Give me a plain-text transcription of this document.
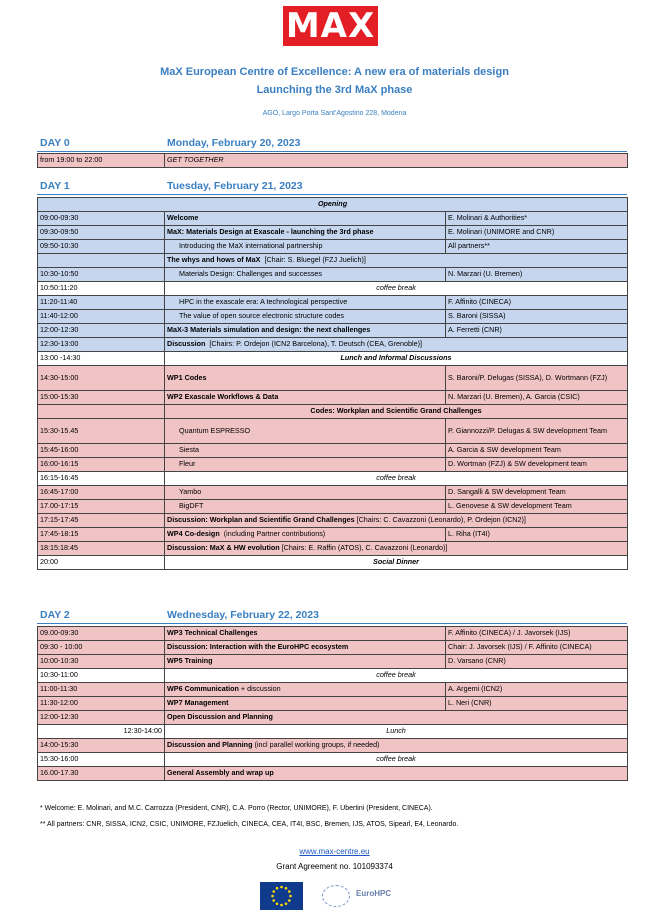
MAX
MaX European Centre of Excellence: A new era of materials design
Launching the 3rd MaX phase
AGO, Largo Porta Sant'Agostino 228, Modena
DAY 0	Monday, February 20, 2023
from 19:00 to 22:00	GET TOGETHER
DAY 1	Tuesday, February 21, 2023
Opening		
09:00-09:30	Welcome	E. Molinari & Authorities*
09:30-09:50	MaX: Materials Design at Exascale - launching the 3rd phase	E. Molinari (UNIMORE and CNR)
09:50-10:30	Introducing the MaX international partnership	All partners**
	The whys and hows of MaX [Chair: S. Bluegel (FZJ Juelich)]	
10:30-10:50	Materials Design: Challenges and successes	N. Marzari (U. Bremen)
10:50:11:20	coffee break	
11:20-11:40	HPC in the exascale era: A technological perspective	F. Affinito (CINECA)
11:40-12:00	The value of open source electronic structure codes	S. Baroni (SISSA)
12:00-12:30	MaX-3 Materials simulation and design: the next challenges	A. Ferretti (CNR)
12:30-13:00	Discussion [Chairs: P. Ordejon (ICN2 Barcelona), T. Deutsch (CEA, Grenoble)]	
13:00 -14:30	Lunch and Informal Discussions	
14:30-15:00	WP1 Codes	S. Baroni/P. Delugas (SISSA), D. Wortmann (FZJ)
15:00-15:30	WP2 Exascale Workflows & Data	N. Marzari (U. Bremen), A. Garcia (CSIC)
	Codes: Workplan and Scientific Grand Challenges	
15:30-15.45	Quantum ESPRESSO	P. Giannozzi/P. Delugas & SW development Team
15:45-16:00	Siesta	A. Garcia & SW development Team
16:00-16:15	Fleur	D. Wortman (FZJ) & SW development team
16:15-16:45	coffee break	
16:45-17:00	Yambo	D. Sangalli & SW development Team
17.00-17:15	BigDFT	L. Genovese & SW development Team
17:15-17:45	Discussion: Workplan and Scientific Grand Challenges [Chairs: C. Cavazzoni (Leonardo), P. Ordejon (ICN2)]	
17:45-18:15	WP4 Co-design (including Partner contributions)	L. Riha (IT4I)
18:15:18:45	Discussion: MaX & HW evolution [Chairs: E. Raffin (ATOS), C. Cavazzoni (Leonardo)]	
20:00	Social Dinner	
DAY 2	Wednesday, February 22, 2023
09.00-09:30	WP3 Technical Challenges	F. Affinito (CINECA) / J. Javorsek (IJS)
09:30 - 10:00	Discussion: Interaction with the EuroHPC ecosystem	Chair: J. Javorsek (IJS) / F. Affinito (CINECA)
10:00-10:30	WP5 Training	D. Varsano (CNR)
10:30-11:00	coffee break	
11:00-11:30	WP6 Communication + discussion	A. Argemi (ICN2)
11:30-12:00	WP7 Management	L. Neri (CNR)
12:00-12:30	Open Discussion and Planning	
12:30-14:00	Lunch	
14:00-15:30	Discussion and Planning (incl parallel working groups, if needed)	
15:30-16:00	coffee break	
16.00-17.30	General Assembly and wrap up	
* Welcome: E. Molinari, and M.C. Carrozza (President, CNR), C.A. Porro (Rector, UNIMORE), F. Ubertini (President, CINECA).
** All partners: CNR, SISSA, ICN2, CSIC, UNIMORE, FZJuelich, CINECA, CEA, IT4I, BSC, Bremen, IJS, ATOS, Sipearl, E4, Leonardo.
www.max-centre.eu
Grant Agreement no. 101093374
EuroHPC
